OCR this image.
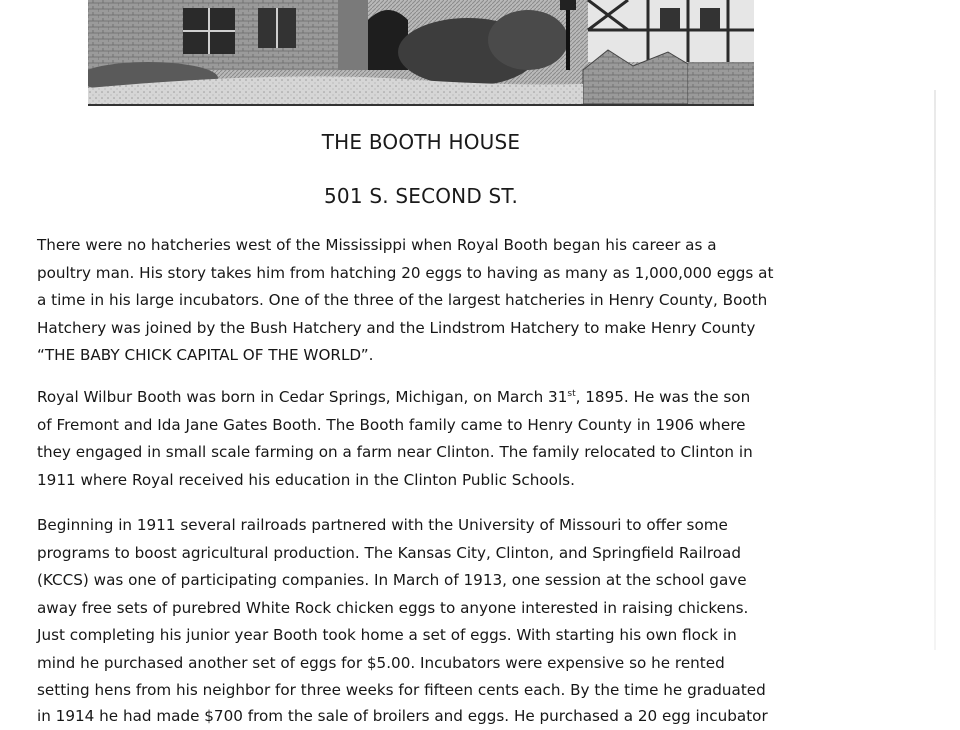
THE BOOTH HOUSE
501 S. SECOND ST.

There were no hatcheries west of the Mississippi when Royal Booth began his career as a
poultry man. His story takes him from hatching 20 eggs to having as many as 1,000,000 eggs at
a time in his large incubators. One of the three of the largest hatcheries in Henry County, Booth
Hatchery was joined by the Bush Hatchery and the Lindstrom Hatchery to make Henry County
“THE BABY CHICK CAPITAL OF THE WORLD”.

Royal Wilbur Booth was born in Cedar Springs, Michigan, on March 31st, 1895. He was the son
of Fremont and Ida Jane Gates Booth. The Booth family came to Henry County in 1906 where
they engaged in small scale farming on a farm near Clinton. The family relocated to Clinton in
1911 where Royal received his education in the Clinton Public Schools.

Beginning in 1911 several railroads partnered with the University of Missouri to offer some
programs to boost agricultural production. The Kansas City, Clinton, and Springfield Railroad
(KCCS) was one of participating companies. In March of 1913, one session at the school gave
away free sets of purebred White Rock chicken eggs to anyone interested in raising chickens.
Just completing his junior year Booth took home a set of eggs. With starting his own flock in
mind he purchased another set of eggs for $5.00. Incubators were expensive so he rented
setting hens from his neighbor for three weeks for fifteen cents each. By the time he graduated
in 1914 he had made $700 from the sale of broilers and eggs. He purchased a 20 egg incubator
